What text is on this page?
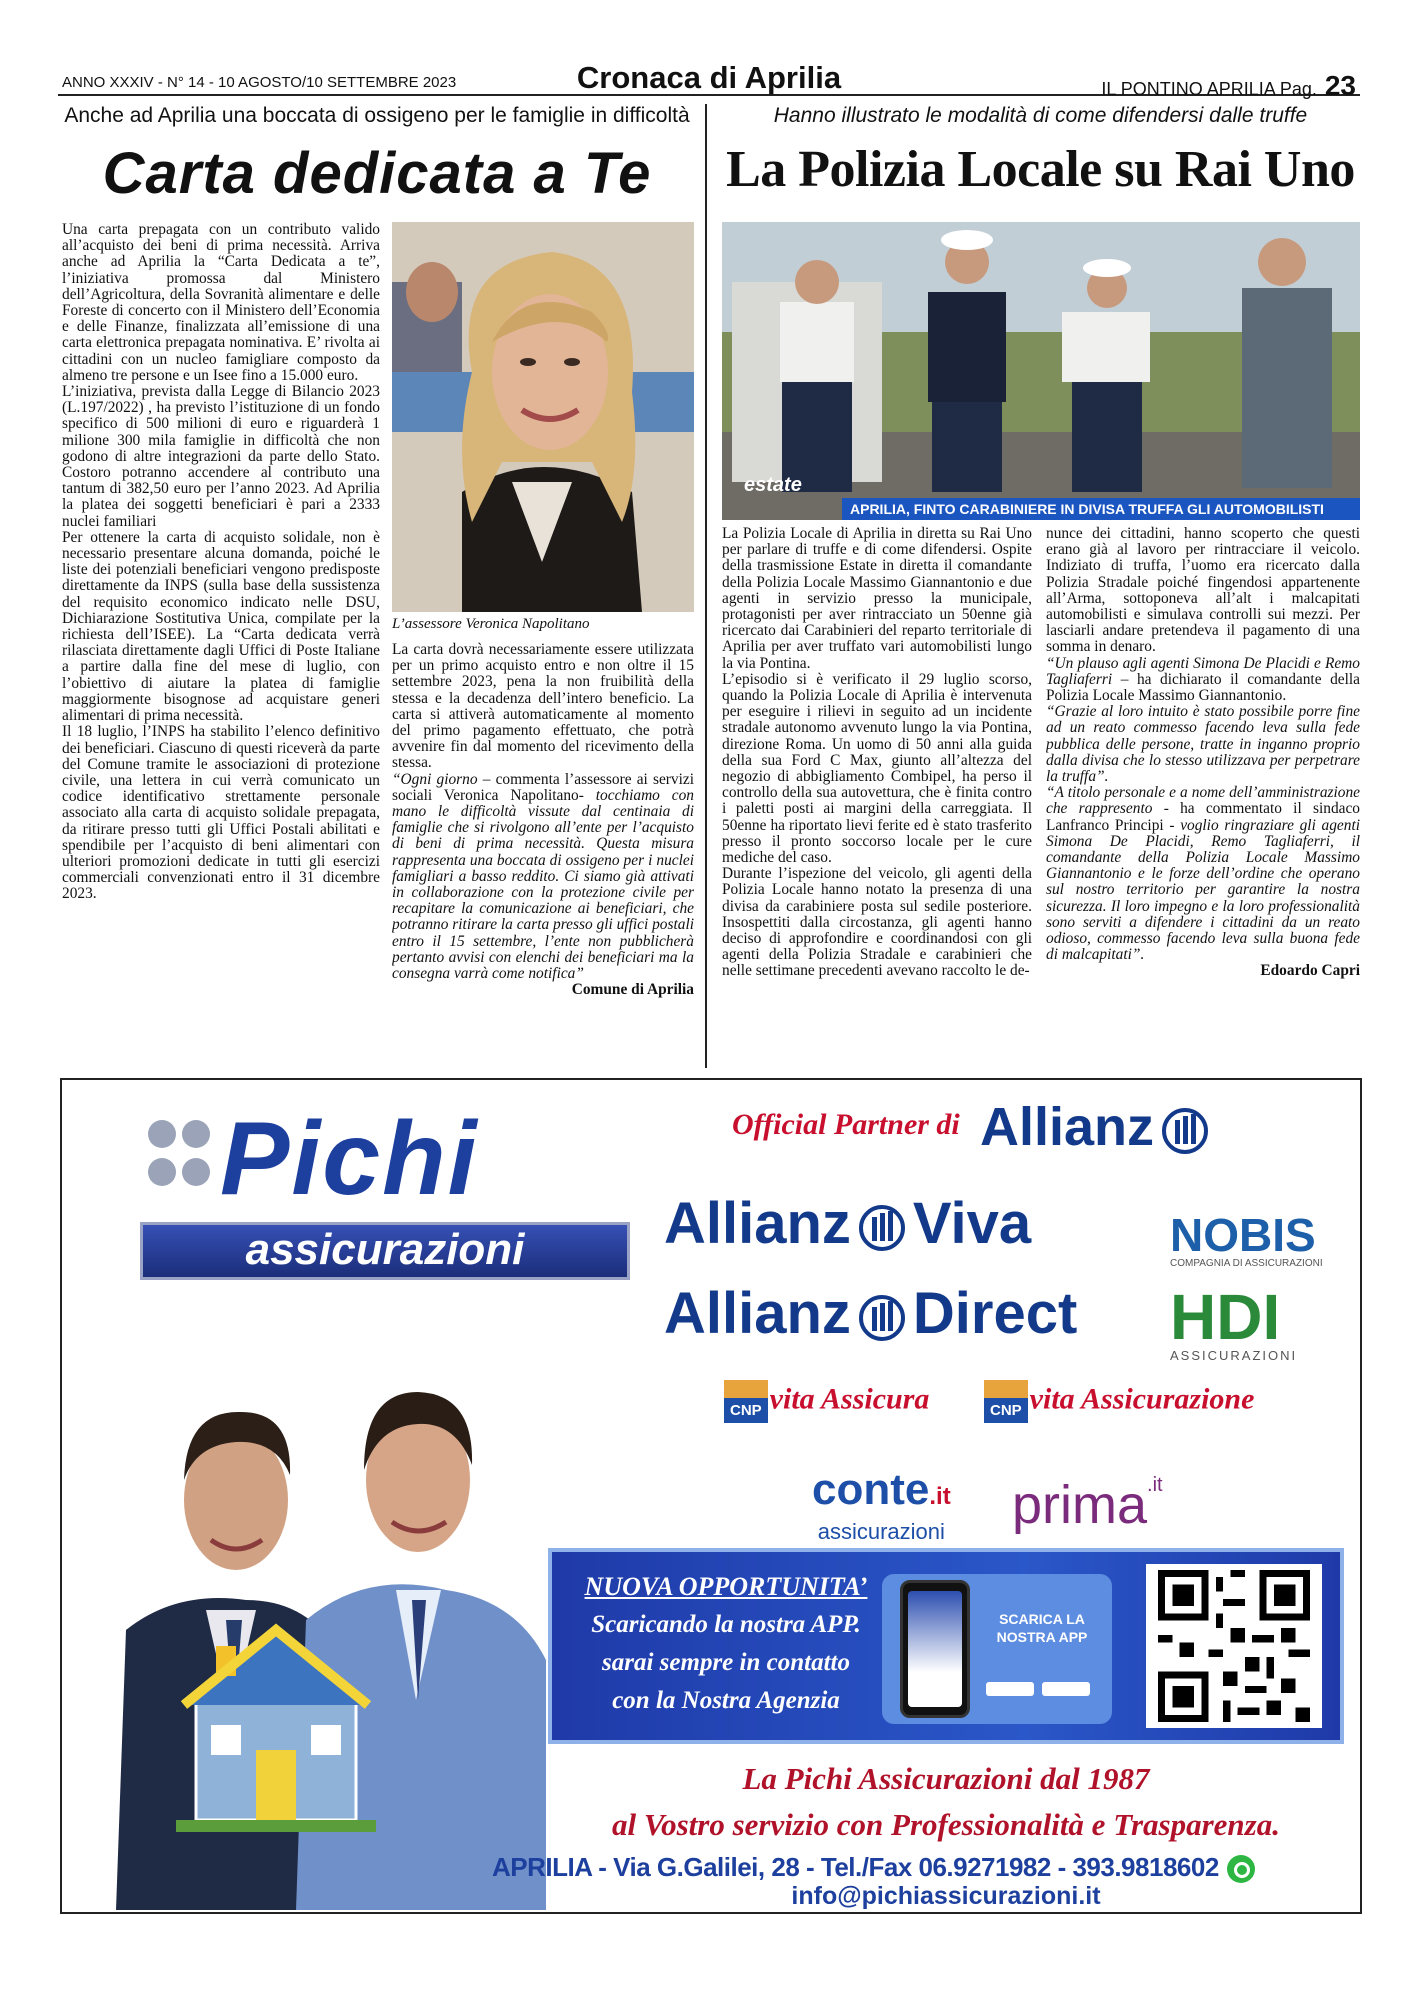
ANNO XXXIV - N° 14 - 10 AGOSTO/10 SETTEMBRE 2023	Cronaca di Aprilia	IL PONTINO APRILIA Pag. 23
Anche ad Aprilia una boccata di ossigeno per le famiglie in difficoltà
Carta dedicata a Te

Una carta prepagata con un contributo valido all’acquisto dei beni di prima necessità. Arriva anche ad Aprilia la “Carta Dedicata a te”, l’iniziativa promossa dal Ministero dell’Agricoltura, della Sovranità alimentare e delle Foreste di concerto con il Ministero dell’Economia e delle Finanze, finalizzata all’emissione di una carta elettronica prepagata nominativa. E’ rivolta ai cittadini con un nucleo famigliare composto da almeno tre persone e un Isee fino a 15.000 euro.

L’iniziativa, prevista dalla Legge di Bilancio 2023 (L.197/2022) , ha previsto l’istituzione di un fondo specifico di 500 milioni di euro e riguarderà 1 milione 300 mila famiglie in difficoltà che non godono di altre integrazioni da parte dello Stato. Costoro potranno accendere al contributo una tantum di 382,50 euro per l’anno 2023. Ad Aprilia la platea dei soggetti beneficiari è pari a 2333 nuclei familiari

Per ottenere la carta di acquisto solidale, non è necessario presentare alcuna domanda, poiché le liste dei potenziali beneficiari vengono predisposte direttamente da INPS (sulla base della sussistenza del requisito economico indicato nelle DSU, Dichiarazione Sostitutiva Unica, compilate per la richiesta dell’ISEE). La “Carta dedicata verrà rilasciata direttamente dagli Uffici di Poste Italiane a partire dalla fine del mese di luglio, con l’obiettivo di aiutare la platea di famiglie maggiormente bisognose ad acquistare generi alimentari di prima necessità.

Il 18 luglio, l’INPS ha stabilito l’elenco definitivo dei beneficiari. Ciascuno di questi riceverà da parte del Comune tramite le associazioni di protezione civile, una lettera in cui verrà comunicato un codice identificativo strettamente personale associato alla carta di acquisto solidale prepagata, da ritirare presso tutti gli Uffici Postali abilitati e spendibile per l’acquisto di beni alimentari con ulteriori promozioni dedicate in tutti gli esercizi commerciali convenzionati entro il 31 dicembre 2023.

L’assessore Veronica Napolitano

La carta dovrà necessariamente essere utilizzata per un primo acquisto entro e non oltre il 15 settembre 2023, pena la non fruibilità della stessa e la decadenza dell’intero beneficio. La carta si attiverà automaticamente al momento del primo pagamento effettuato, che potrà avvenire fin dal momento del ricevimento della stessa.

“Ogni giorno – commenta l’assessore ai servizi sociali Veronica Napolitano- tocchiamo con mano le difficoltà vissute dal centinaia di famiglie che si rivolgono all’ente per l’acquisto di beni di prima necessità. Questa misura rappresenta una boccata di ossigeno per i nuclei famigliari a basso reddito. Ci siamo già attivati in collaborazione con la protezione civile per recapitare la comunicazione ai beneficiari, che potranno ritirare la carta presso gli uffici postali entro il 15 settembre, l’ente non pubblicherà pertanto avvisi con elenchi dei beneficiari ma la consegna varrà come notifica”

Comune di Aprilia

Hanno illustrato le modalità di come difendersi dalle truffe
La Polizia Locale su Rai Uno
estate
APRILIA, FINTO CARABINIERE IN DIVISA TRUFFA GLI AUTOMOBILISTI

La Polizia Locale di Aprilia in diretta su Rai Uno per parlare di truffe e di come difendersi. Ospite della trasmissione Estate in diretta il comandante della Polizia Locale Massimo Giannantonio e due agenti in servizio presso la municipale, protagonisti per aver rintracciato un 50enne già ricercato dai Carabinieri del reparto territoriale di Aprilia per aver truffato vari automobilisti lungo la via Pontina.

L’episodio si è verificato il 29 luglio scorso, quando la Polizia Locale di Aprilia è intervenuta per eseguire i rilievi in seguito ad un incidente stradale autonomo avvenuto lungo la via Pontina, direzione Roma. Un uomo di 50 anni alla guida della sua Ford C Max, giunto all’altezza del negozio di abbigliamento Combipel, ha perso il controllo della sua autovettura, che è finita contro i paletti posti ai margini della carreggiata. Il 50enne ha riportato lievi ferite ed è stato trasferito presso il pronto soccorso locale per le cure mediche del caso.

Durante l’ispezione del veicolo, gli agenti della Polizia Locale hanno notato la presenza di una divisa da carabiniere posta sul sedile posteriore. Insospettiti dalla circostanza, gli agenti hanno deciso di approfondire e coordinandosi con gli agenti della Polizia Stradale e carabinieri che nelle settimane precedenti avevano raccolto le de-

nunce dei cittadini, hanno scoperto che questi erano già al lavoro per rintracciare il veicolo. Indiziato di truffa, l’uomo era ricercato dalla Polizia Stradale poiché fingendosi appartenente all’Arma, sottoponeva all’alt i malcapitati automobilisti e simulava controlli sui mezzi. Per lasciarli andare pretendeva il pagamento di una somma in denaro.

“Un plauso agli agenti Simona De Placidi e Remo Tagliaferri – ha dichiarato il comandante della Polizia Locale Massimo Giannantonio.

“Grazie al loro intuito è stato possibile porre fine ad un reato commesso facendo leva sulla fede pubblica delle persone, tratte in inganno proprio dalla divisa che lo stesso utilizzava per perpetrare la truffa”.

“A titolo personale e a nome dell’amministrazione che rappresento - ha commentato il sindaco Lanfranco Principi - voglio ringraziare gli agenti Simona De Placidi, Remo Tagliaferri, il comandante della Polizia Locale Massimo Giannantonio e le forze dell’ordine che operano sul nostro territorio per garantire la nostra sicurezza. Il loro impegno e la loro professionalità sono serviti a difendere i cittadini da un reato odioso, commesso facendo leva sulla buona fede di malcapitati”.

Edoardo Capri

Pichi
assicurazioni
Official Partner di Allianz
Allianz Viva
Allianz Direct
NOBIS
COMPAGNIA DI ASSICURAZIONI
HDI
ASSICURAZIONI
CNP vita Assicura	CNP vita Assicurazione
conte.it
assicurazioni prima$^{.it}$
NUOVA OPPORTUNITA’
Scaricando la nostra APP.
sarai sempre in contatto
con la Nostra Agenzia
SCARICA LA NOSTRA APP
La Pichi Assicurazioni dal 1987
al Vostro servizio con Professionalità e Trasparenza.
APRILIA - Via G.Galilei, 28 - Tel./Fax 06.9271982 - 393.9818602
info@pichiassicurazioni.it
